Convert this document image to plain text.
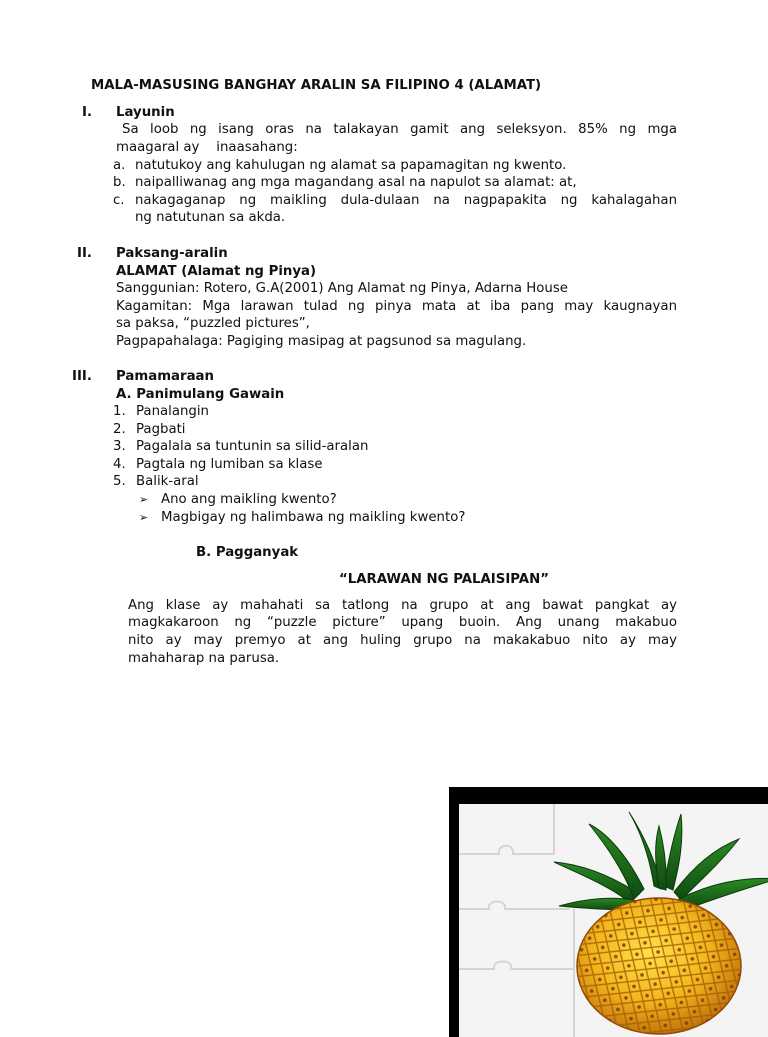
MALA-MASUSING BANGHAY ARALIN SA FILIPINO 4 (ALAMAT)
I. Layunin
Sa loob ng isang oras na talakayan gamit ang seleksyon. 85% ng mga
maagaral ay    inaasahang:
a. natutukoy ang kahulugan ng alamat sa papamagitan ng kwento.
b. naipalliwanag ang mga magandang asal na napulot sa alamat: at,
c. nakagaganap ng maikling dula-dulaan na nagpapakita ng kahalagahan
ng natutunan sa akda.
II. Paksang-aralin
ALAMAT (Alamat ng Pinya)
Sanggunian: Rotero, G.A(2001) Ang Alamat ng Pinya, Adarna House
Kagamitan: Mga larawan tulad ng pinya mata at iba pang may kaugnayan
sa paksa, “puzzled pictures”,
Pagpapahalaga: Pagiging masipag at pagsunod sa magulang.
III. Pamamaraan
A. Panimulang Gawain
1. Panalangin
2. Pagbati
3. Pagalala sa tuntunin sa silid-aralan
4. Pagtala ng lumiban sa klase
5. Balik-aral
➢ Ano ang maikling kwento?
➢ Magbigay ng halimbawa ng maikling kwento?
B. Pagganyak
“LARAWAN NG PALAISIPAN”
Ang klase ay mahahati sa tatlong na grupo at ang bawat pangkat ay
magkakaroon ng “puzzle picture” upang buoin. Ang unang makabuo
nito ay may premyo at ang huling grupo na makakabuo nito ay may
mahaharap na parusa.
